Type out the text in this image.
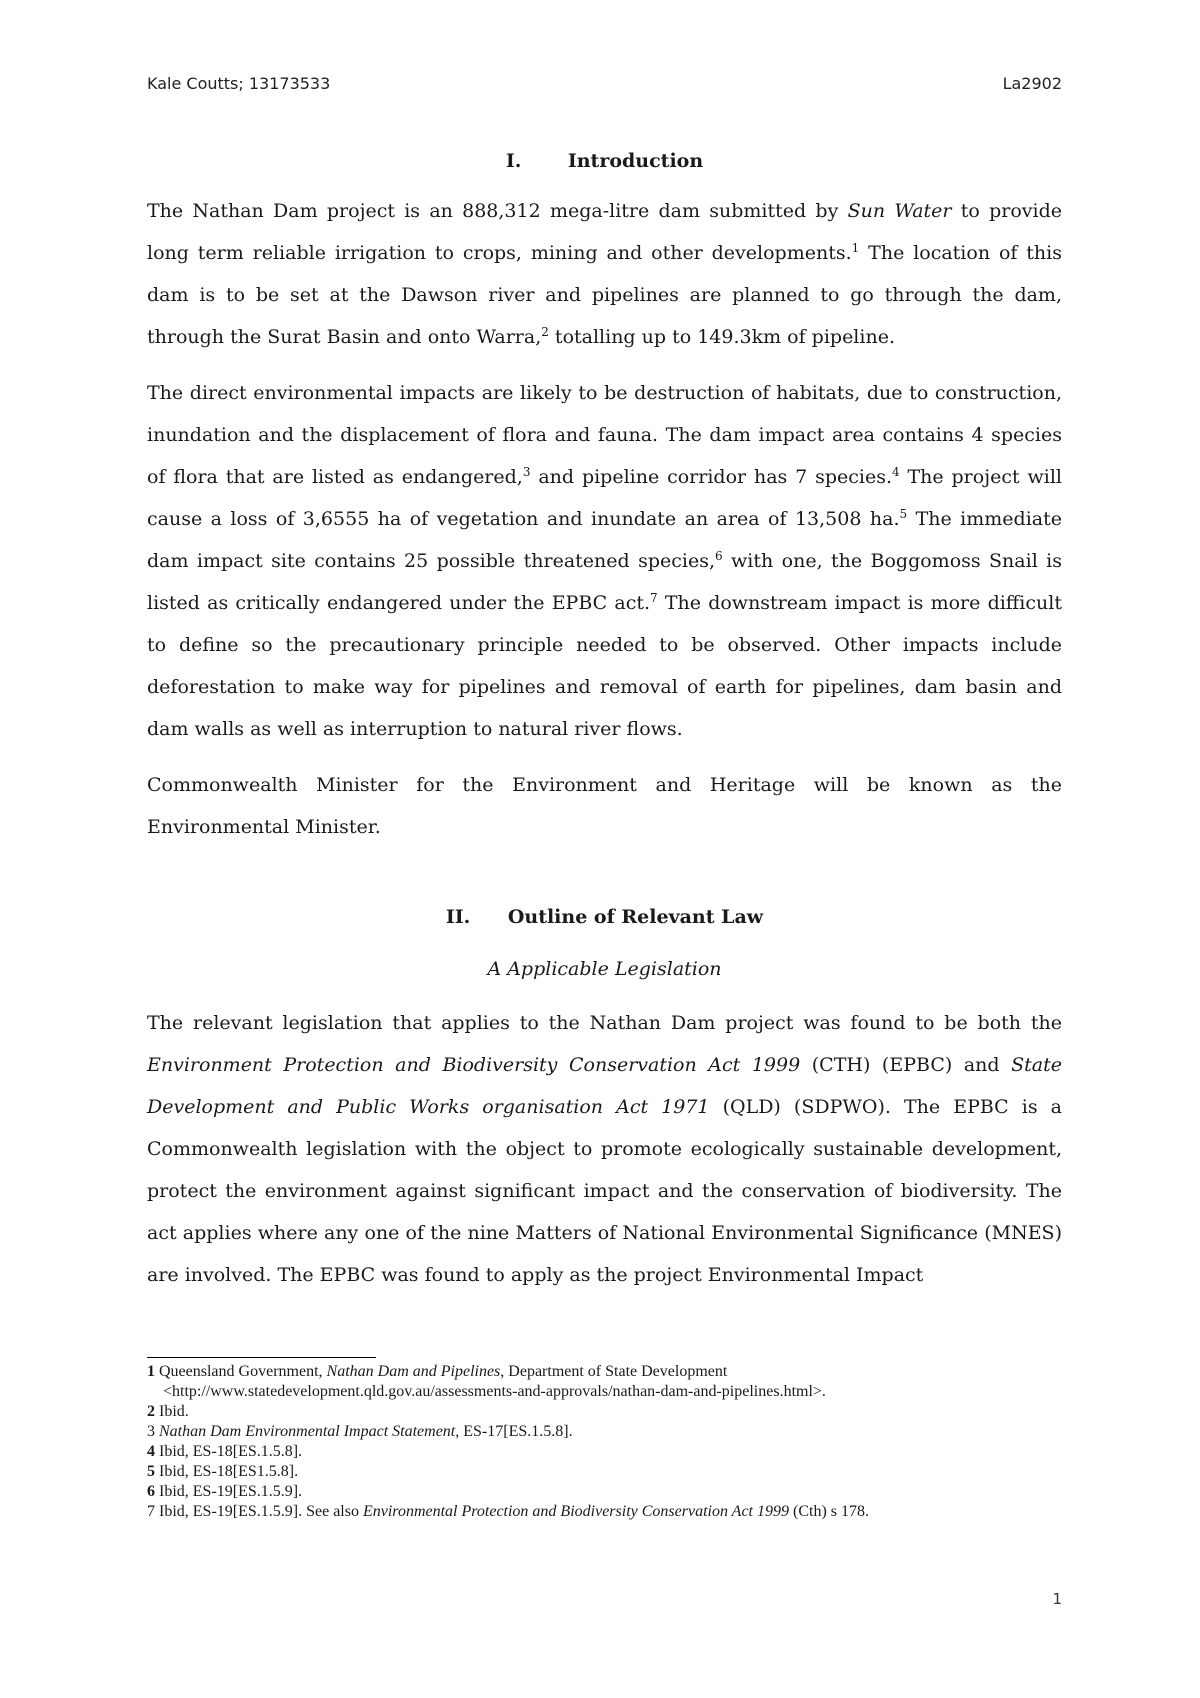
Kale Coutts; 13173533	La2902
I.	Introduction

The Nathan Dam project is an 888,312 mega-litre dam submitted by Sun Water to provide long term reliable irrigation to crops, mining and other developments.$^1$ The location of this dam is to be set at the Dawson river and pipelines are planned to go through the dam, through the Surat Basin and onto Warra,$^2$ totalling up to 149.3km of pipeline.

The direct environmental impacts are likely to be destruction of habitats, due to construction, inundation and the displacement of flora and fauna. The dam impact area contains 4 species of flora that are listed as endangered,$^3$ and pipeline corridor has 7 species.$^4$ The project will cause a loss of 3,6555 ha of vegetation and inundate an area of 13,508 ha.$^5$ The immediate dam impact site contains 25 possible threatened species,$^6$ with one, the Boggomoss Snail is listed as critically endangered under the EPBC act.$^7$ The downstream impact is more difficult to define so the precautionary principle needed to be observed. Other impacts include deforestation to make way for pipelines and removal of earth for pipelines, dam basin and dam walls as well as interruption to natural river flows.

Commonwealth Minister for the Environment and Heritage will be known as the Environmental Minister.

II.	Outline of Relevant Law

A Applicable Legislation

The relevant legislation that applies to the Nathan Dam project was found to be both the Environment Protection and Biodiversity Conservation Act 1999 (CTH) (EPBC) and State Development and Public Works organisation Act 1971 (QLD) (SDPWO). The EPBC is a Commonwealth legislation with the object to promote ecologically sustainable development, protect the environment against significant impact and the conservation of biodiversity. The act applies where any one of the nine Matters of National Environmental Significance (MNES) are involved. The EPBC was found to apply as the project Environmental Impact

1 Queensland Government, Nathan Dam and Pipelines, Department of State Development

<http://www.statedevelopment.qld.gov.au/assessments-and-approvals/nathan-dam-and-pipelines.html>.

2 Ibid.

3 Nathan Dam Environmental Impact Statement, ES-17[ES.1.5.8].

4 Ibid, ES-18[ES.1.5.8].

5 Ibid, ES-18[ES1.5.8].

6 Ibid, ES-19[ES.1.5.9].

7 Ibid, ES-19[ES.1.5.9]. See also Environmental Protection and Biodiversity Conservation Act 1999 (Cth) s 178.

1
